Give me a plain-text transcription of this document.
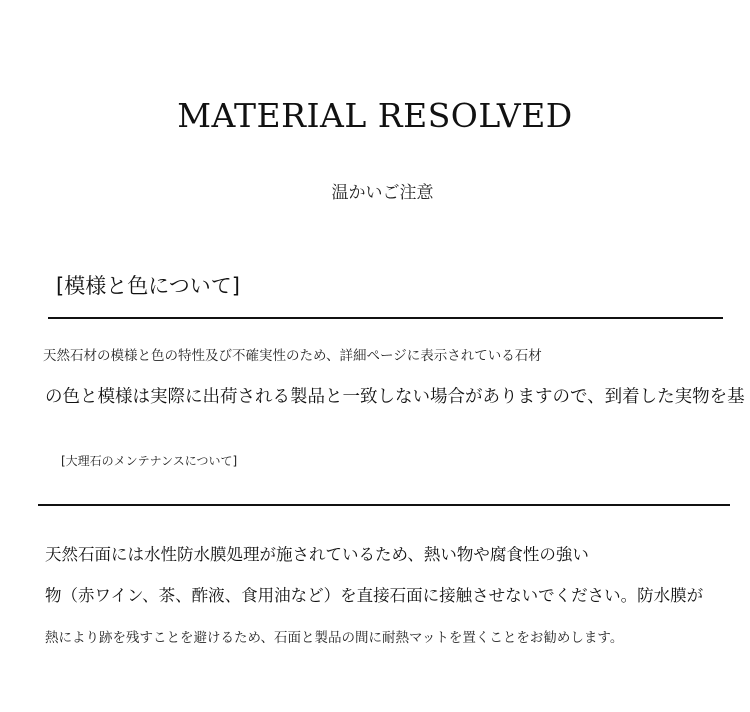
MATERIAL RESOLVED
温かいご注意
[模様と色について]
天然石材の模様と色の特性及び不確実性のため、詳細ページに表示されている石材
の色と模様は実際に出荷される製品と一致しない場合がありますので、到着した実物を基
[大理石のメンテナンスについて]
天然石面には水性防水膜処理が施されているため、熱い物や腐食性の強い
物（赤ワイン、茶、酢液、食用油など）を直接石面に接触させないでください。防水膜が
熱により跡を残すことを避けるため、石面と製品の間に耐熱マットを置くことをお勧めします。
